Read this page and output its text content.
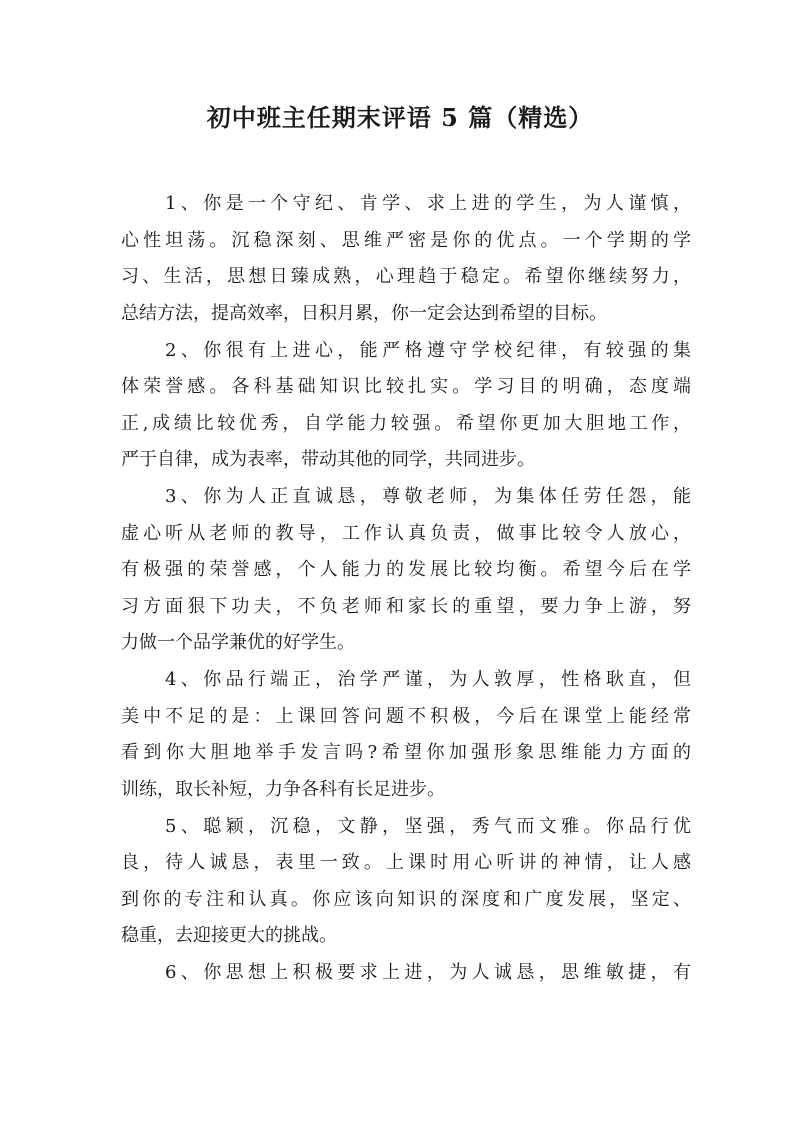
初中班主任期末评语 5 篇（精选）

1、你是一个守纪、肯学、求上进的学生，为人谨慎，

心性坦荡。沉稳深刻、思维严密是你的优点。一个学期的学

习、生活，思想日臻成熟，心理趋于稳定。希望你继续努力，

总结方法，提高效率，日积月累，你一定会达到希望的目标。

2、你很有上进心，能严格遵守学校纪律，有较强的集

体荣誉感。各科基础知识比较扎实。学习目的明确，态度端

正,成绩比较优秀，自学能力较强。希望你更加大胆地工作，

严于自律，成为表率，带动其他的同学，共同进步。

3、你为人正直诚恳，尊敬老师，为集体任劳任怨，能

虚心听从老师的教导，工作认真负责，做事比较令人放心，

有极强的荣誉感，个人能力的发展比较均衡。希望今后在学

习方面狠下功夫，不负老师和家长的重望，要力争上游，努

力做一个品学兼优的好学生。

4、你品行端正，治学严谨，为人敦厚，性格耿直，但

美中不足的是：上课回答问题不积极，今后在课堂上能经常

看到你大胆地举手发言吗?希望你加强形象思维能力方面的

训练，取长补短，力争各科有长足进步。

5、聪颖，沉稳，文静，坚强，秀气而文雅。你品行优

良，待人诚恳，表里一致。上课时用心听讲的神情，让人感

到你的专注和认真。你应该向知识的深度和广度发展，坚定、

稳重，去迎接更大的挑战。

6、你思想上积极要求上进，为人诚恳，思维敏捷，有
